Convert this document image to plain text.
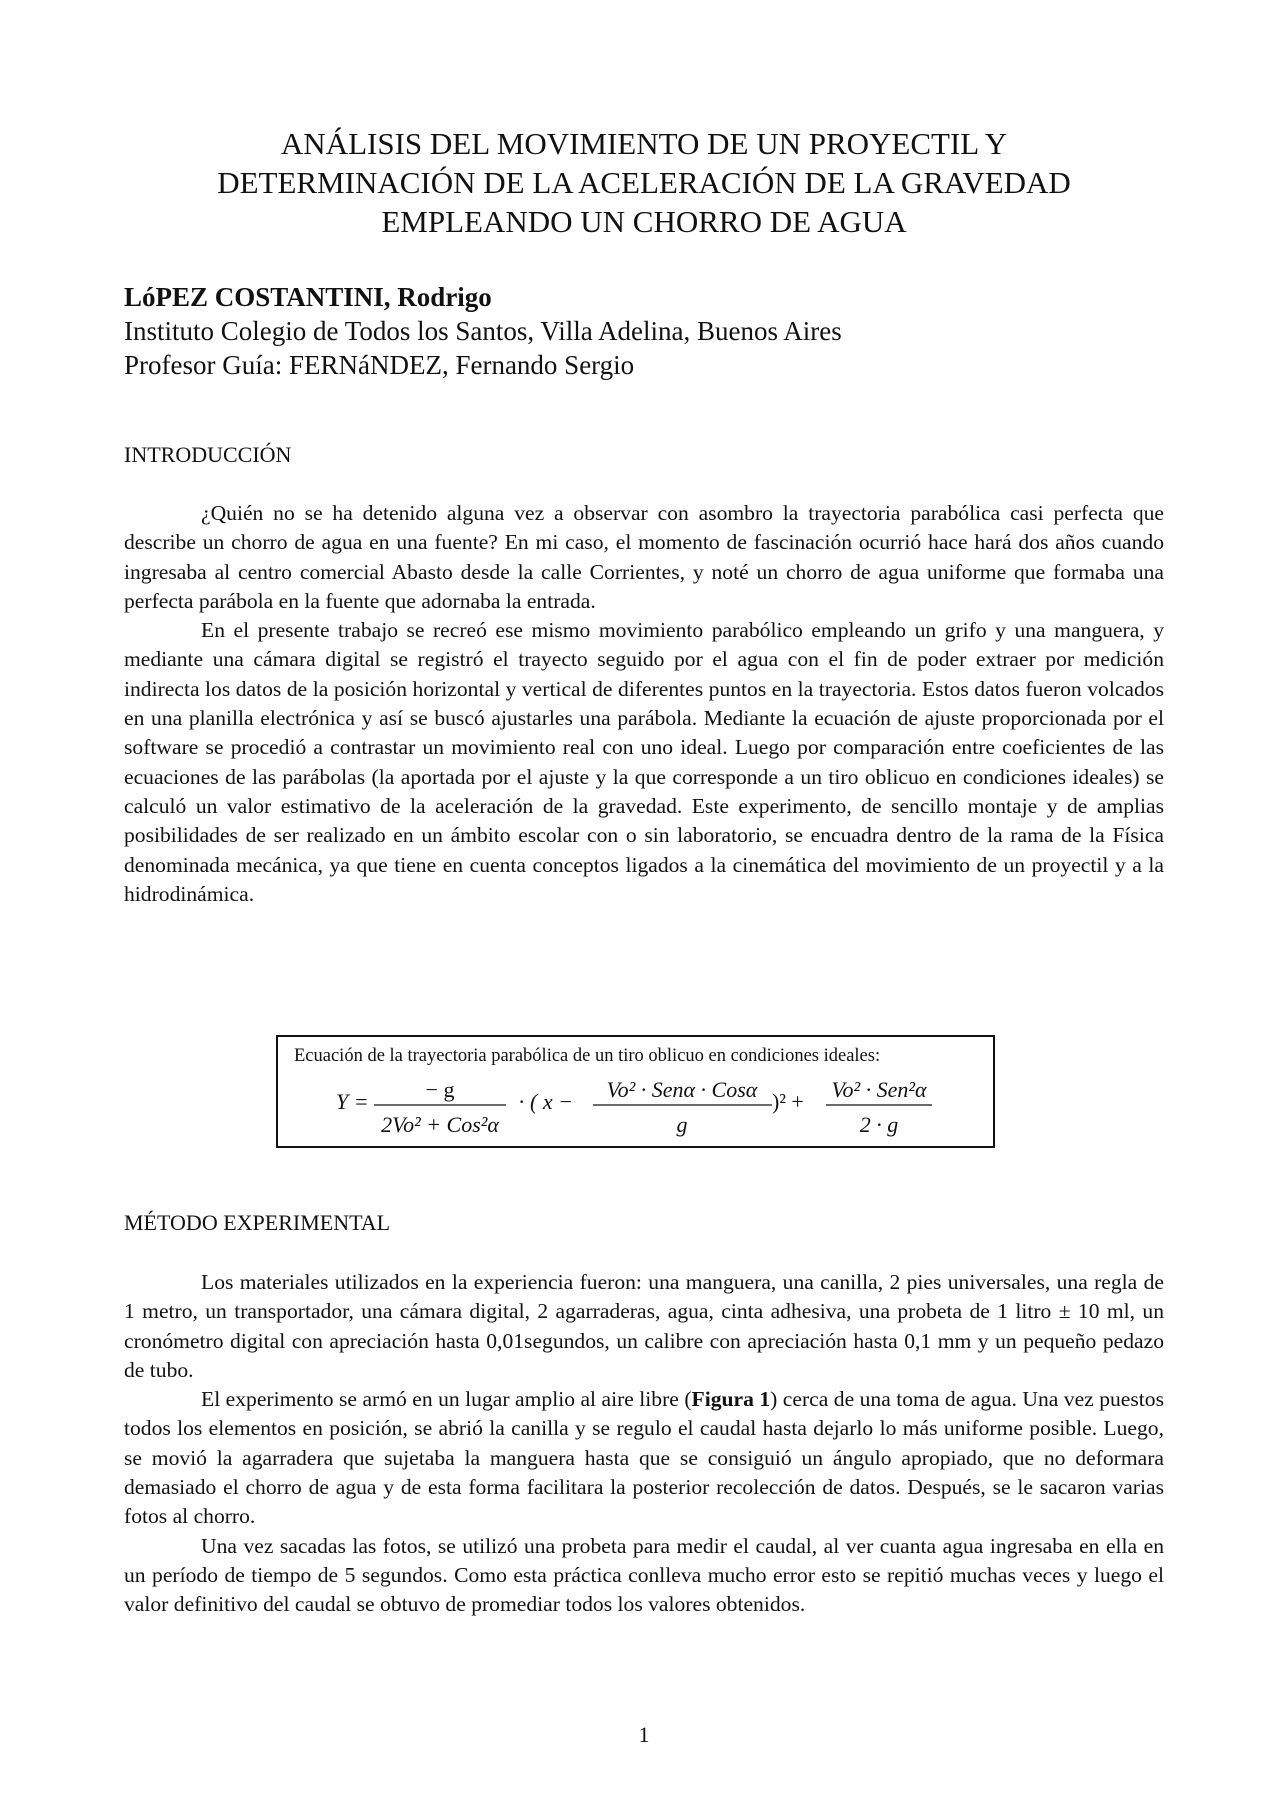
ANÁLISIS DEL MOVIMIENTO DE UN PROYECTIL Y
DETERMINACIÓN DE LA ACELERACIÓN DE LA GRAVEDAD
EMPLEANDO UN CHORRO DE AGUA
LóPEZ COSTANTINI, Rodrigo
Instituto Colegio de Todos los Santos, Villa Adelina, Buenos Aires
Profesor Guía: FERNáNDEZ, Fernando Sergio
INTRODUCCIÓN

¿Quién no se ha detenido alguna vez a observar con asombro la trayectoria parabólica casi perfecta que describe un chorro de agua en una fuente? En mi caso, el momento de fascinación ocurrió hace hará dos años cuando ingresaba al centro comercial Abasto desde la calle Corrientes, y noté un chorro de agua uniforme que formaba una perfecta parábola en la fuente que adornaba la entrada.

En el presente trabajo se recreó ese mismo movimiento parabólico empleando un grifo y una manguera, y mediante una cámara digital se registró el trayecto seguido por el agua con el fin de poder extraer por medición indirecta los datos de la posición horizontal y vertical de diferentes puntos en la trayectoria. Estos datos fueron volcados en una planilla electrónica y así se buscó ajustarles una parábola. Mediante la ecuación de ajuste proporcionada por el software se procedió a contrastar un movimiento real con uno ideal. Luego por comparación entre coeficientes de las ecuaciones de las parábolas (la aportada por el ajuste y la que corresponde a un tiro oblicuo en condiciones ideales) se calculó un valor estimativo de la aceleración de la gravedad. Este experimento, de sencillo montaje y de amplias posibilidades de ser realizado en un ámbito escolar con o sin laboratorio, se encuadra dentro de la rama de la Física denominada mecánica, ya que tiene en cuenta conceptos ligados a la cinemática del movimiento de un proyectil y a la hidrodinámica.

Ecuación de la trayectoria parabólica de un tiro oblicuo en condiciones ideales:
Y =	− g
2Vo² + Cos²α
· ( x − Vo² · Senα · Cosα
g
)² + Vo² · Sen²α
2 · g
MÉTODO EXPERIMENTAL

Los materiales utilizados en la experiencia fueron: una manguera, una canilla, 2 pies universales, una regla de 1 metro, un transportador, una cámara digital, 2 agarraderas, agua, cinta adhesiva, una probeta de 1 litro ± 10 ml, un cronómetro digital con apreciación hasta 0,01segundos, un calibre con apreciación hasta 0,1 mm y un pequeño pedazo de tubo.

El experimento se armó en un lugar amplio al aire libre (Figura 1) cerca de una toma de agua. Una vez puestos todos los elementos en posición, se abrió la canilla y se regulo el caudal hasta dejarlo lo más uniforme posible. Luego, se movió la agarradera que sujetaba la manguera hasta que se consiguió un ángulo apropiado, que no deformara demasiado el chorro de agua y de esta forma facilitara la posterior recolección de datos. Después, se le sacaron varias fotos al chorro.

Una vez sacadas las fotos, se utilizó una probeta para medir el caudal, al ver cuanta agua ingresaba en ella en un período de tiempo de 5 segundos. Como esta práctica conlleva mucho error esto se repitió muchas veces y luego el valor definitivo del caudal se obtuvo de promediar todos los valores obtenidos.

1
